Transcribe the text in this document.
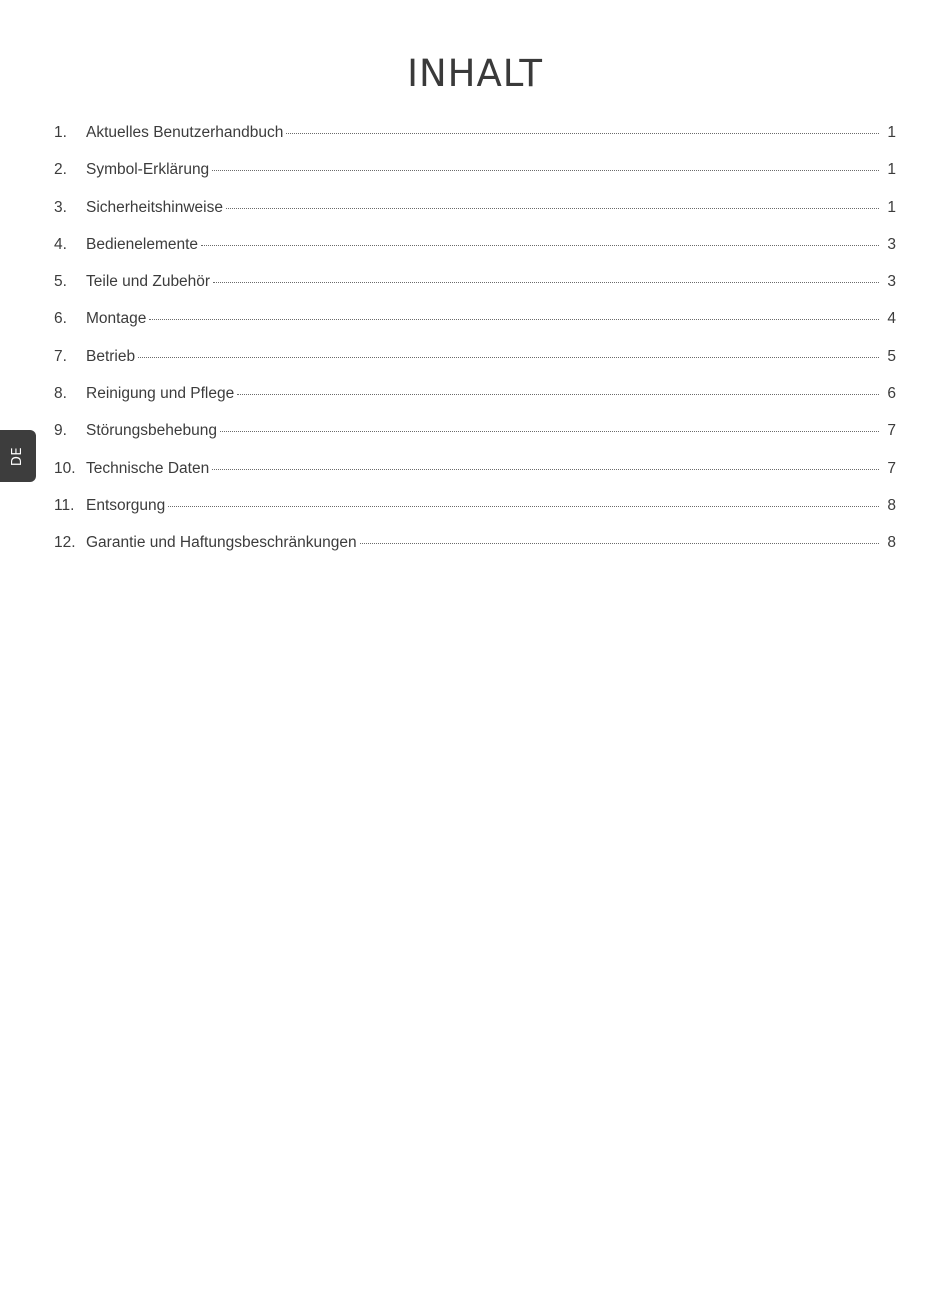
INHALT
DE
1.	Aktuelles Benutzerhandbuch	1
2.	Symbol-Erklärung	1
3.	Sicherheitshinweise	1
4.	Bedienelemente	3
5.	Teile und Zubehör	3
6.	Montage	4
7.	Betrieb	5
8.	Reinigung und Pflege	6
9.	Störungsbehebung	7
10. Technische Daten	7
11. Entsorgung	8
12. Garantie und Haftungsbeschränkungen	8
